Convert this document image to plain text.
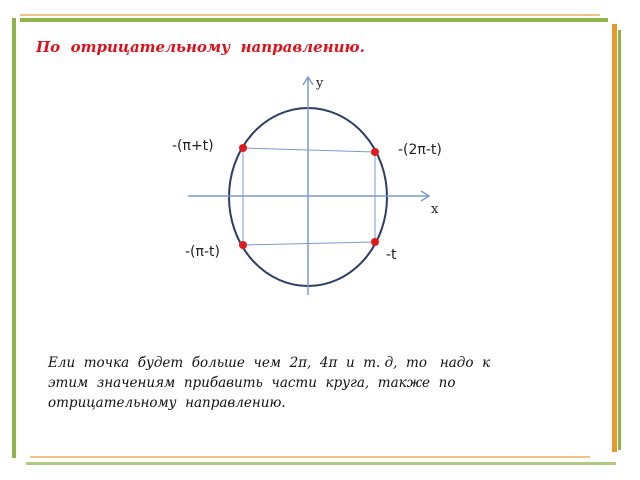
По  отрицательному  направлению.
y
x
-(π+t)	-(2π-t)
-(π-t)	-t
Ели  точка  будет  больше  чем  2π,  4π  и  т. д,  то   надо  к
этим  значениям  прибавить  части  круга,  также  по
отрицательному  направлению.
